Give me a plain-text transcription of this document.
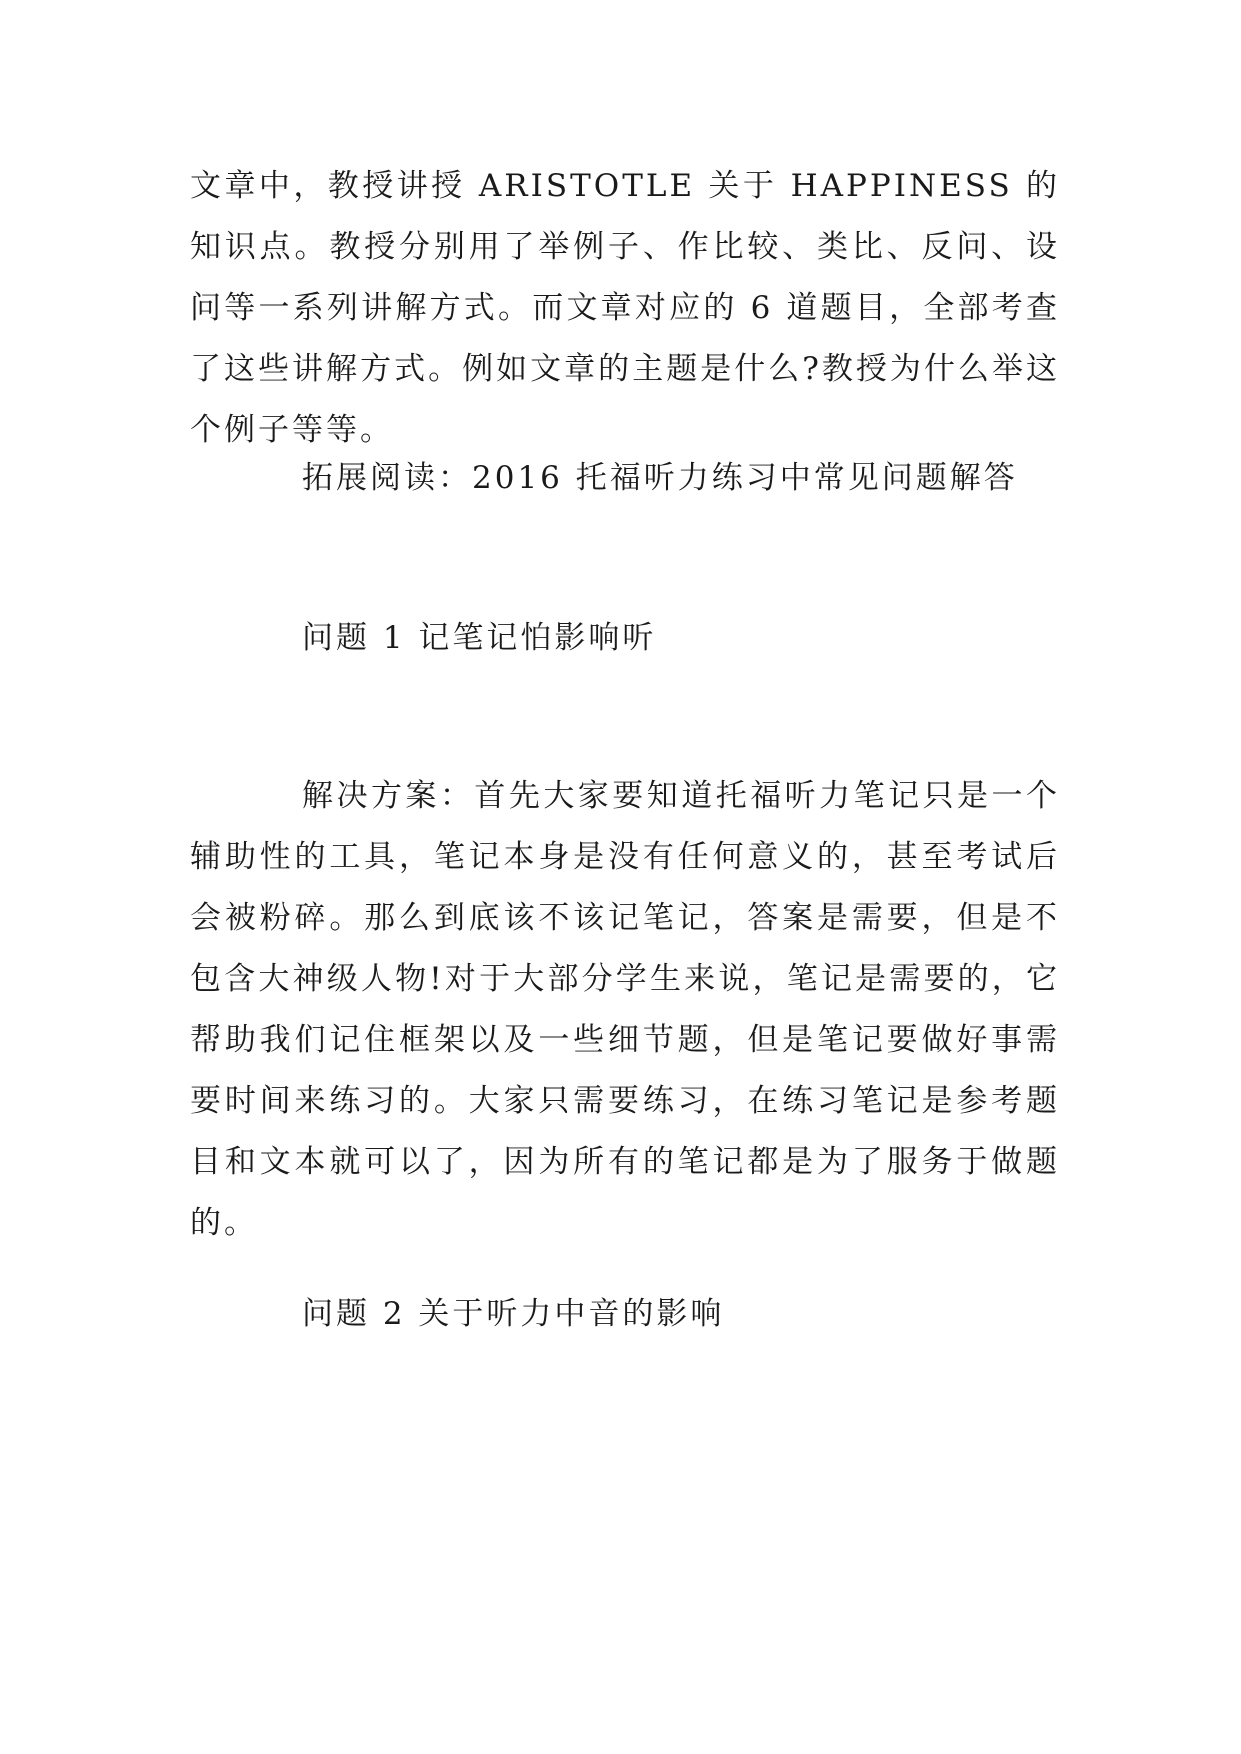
文章中，教授讲授 ARISTOTLE 关于 HAPPINESS 的知识点。教授分别用了举例子、作比较、类比、反问、设问等一系列讲解方式。而文章对应的 6 道题目，全部考查了这些讲解方式。例如文章的主题是什么?教授为什么举这个例子等等。

拓展阅读：2016 托福听力练习中常见问题解答

问题 1 记笔记怕影响听

解决方案：首先大家要知道托福听力笔记只是一个辅助性的工具，笔记本身是没有任何意义的，甚至考试后会被粉碎。那么到底该不该记笔记，答案是需要，但是不包含大神级人物!对于大部分学生来说，笔记是需要的，它帮助我们记住框架以及一些细节题，但是笔记要做好事需要时间来练习的。大家只需要练习，在练习笔记是参考题目和文本就可以了，因为所有的笔记都是为了服务于做题的。

问题 2 关于听力中音的影响
